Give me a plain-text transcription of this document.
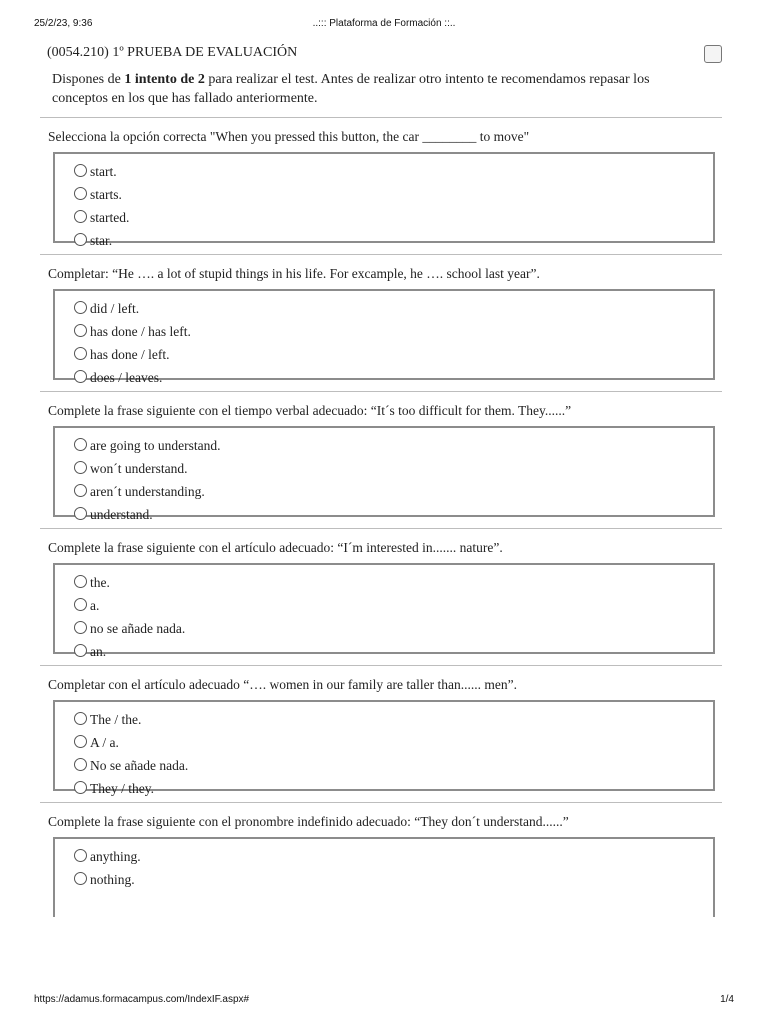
25/2/23, 9:36	..::: Plataforma de Formación ::..
(0054.210) 1º PRUEBA DE EVALUACIÓN
Dispones de 1 intento de 2 para realizar el test. Antes de realizar otro intento te recomendamos repasar los conceptos en los que has fallado anteriormente.
Selecciona la opción correcta "When you pressed this button, the car ________ to move"
start.
starts.
started.
star.
Completar: “He …. a lot of stupid things in his life. For excample, he …. school last year”.
did / left.
has done / has left.
has done / left.
does / leaves.
Complete la frase siguiente con el tiempo verbal adecuado: “It´s too difficult for them. They......”
are going to understand.
won´t understand.
aren´t understanding.
understand.
Complete la frase siguiente con el artículo adecuado: “I´m interested in....... nature”.
the.
a.
no se añade nada.
an.
Completar con el artículo adecuado “…. women in our family are taller than...... men”.
The / the.
A / a.
No se añade nada.
They / they.
Complete la frase siguiente con el pronombre indefinido adecuado: “They don´t understand......”
anything.
nothing.
https://adamus.formacampus.com/IndexIF.aspx#	1/4
